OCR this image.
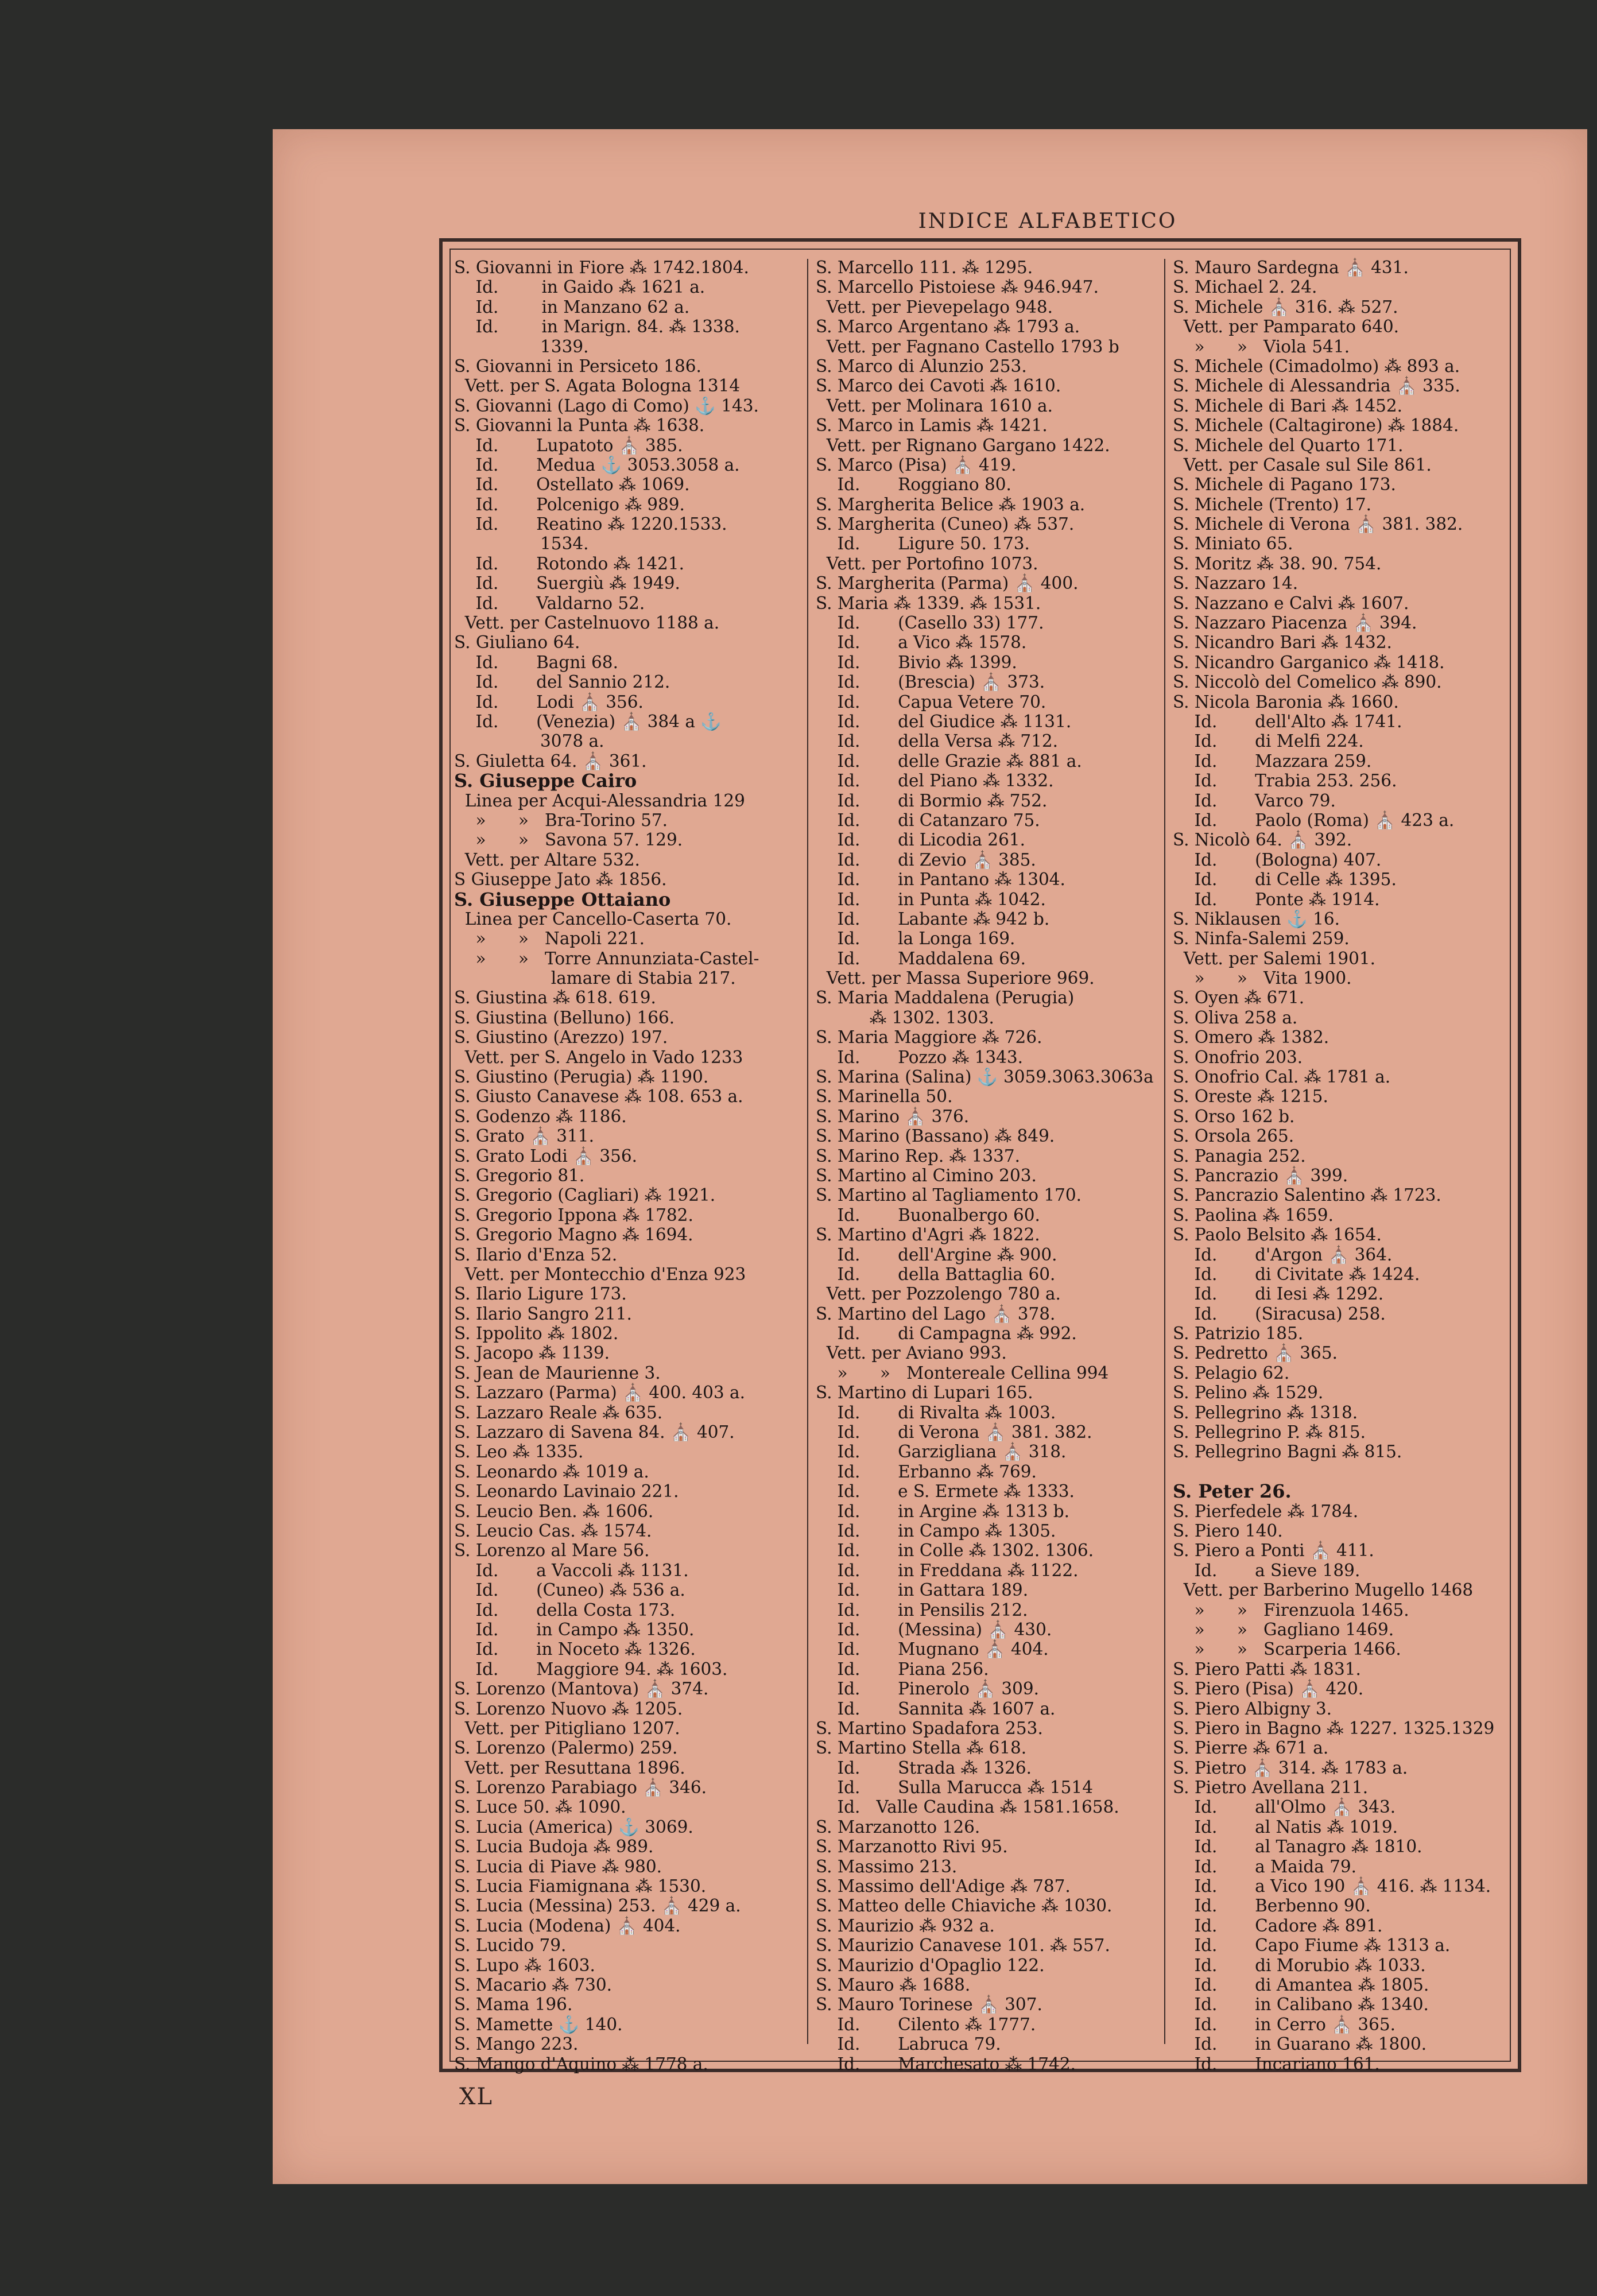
INDICE ALFABETICO
S. Giovanni in Fiore ⁂ 1742.1804.
Id.        in Gaido ⁂ 1621 a.
Id.        in Manzano 62 a.
Id.        in Marign. 84. ⁂ 1338.
1339.
S. Giovanni in Persiceto 186.
Vett. per S. Agata Bologna 1314
S. Giovanni (Lago di Como) ⚓ 143.
S. Giovanni la Punta ⁂ 1638.
Id.       Lupatoto ⛪ 385.
Id.       Medua ⚓ 3053.3058 a.
Id.       Ostellato ⁂ 1069.
Id.       Polcenigo ⁂ 989.
Id.       Reatino ⁂ 1220.1533.
1534.
Id.       Rotondo ⁂ 1421.
Id.       Suergiù ⁂ 1949.
Id.       Valdarno 52.
Vett. per Castelnuovo 1188 a.
S. Giuliano 64.
Id.       Bagni 68.
Id.       del Sannio 212.
Id.       Lodi ⛪ 356.
Id.       (Venezia) ⛪ 384 a ⚓
3078 a.
S. Giuletta 64. ⛪ 361.
S. Giuseppe Cairo
Linea per Acqui-Alessandria 129
»      »   Bra-Torino 57.
»      »   Savona 57. 129.
Vett. per Altare 532.
S Giuseppe Jato ⁂ 1856.
S. Giuseppe Ottaiano
Linea per Cancello-Caserta 70.
»      »   Napoli 221.
»      »   Torre Annunziata-Castel-
lamare di Stabia 217.
S. Giustina ⁂ 618. 619.
S. Giustina (Belluno) 166.
S. Giustino (Arezzo) 197.
Vett. per S. Angelo in Vado 1233
S. Giustino (Perugia) ⁂ 1190.
S. Giusto Canavese ⁂ 108. 653 a.
S. Godenzo ⁂ 1186.
S. Grato ⛪ 311.
S. Grato Lodi ⛪ 356.
S. Gregorio 81.
S. Gregorio (Cagliari) ⁂ 1921.
S. Gregorio Ippona ⁂ 1782.
S. Gregorio Magno ⁂ 1694.
S. Ilario d'Enza 52.
Vett. per Montecchio d'Enza 923
S. Ilario Ligure 173.
S. Ilario Sangro 211.
S. Ippolito ⁂ 1802.
S. Jacopo ⁂ 1139.
S. Jean de Maurienne 3.
S. Lazzaro (Parma) ⛪ 400. 403 a.
S. Lazzaro Reale ⁂ 635.
S. Lazzaro di Savena 84. ⛪ 407.
S. Leo ⁂ 1335.
S. Leonardo ⁂ 1019 a.
S. Leonardo Lavinaio 221.
S. Leucio Ben. ⁂ 1606.
S. Leucio Cas. ⁂ 1574.
S. Lorenzo al Mare 56.
Id.       a Vaccoli ⁂ 1131.
Id.       (Cuneo) ⁂ 536 a.
Id.       della Costa 173.
Id.       in Campo ⁂ 1350.
Id.       in Noceto ⁂ 1326.
Id.       Maggiore 94. ⁂ 1603.
S. Lorenzo (Mantova) ⛪ 374.
S. Lorenzo Nuovo ⁂ 1205.
Vett. per Pitigliano 1207.
S. Lorenzo (Palermo) 259.
Vett. per Resuttana 1896.
S. Lorenzo Parabiago ⛪ 346.
S. Luce 50. ⁂ 1090.
S. Lucia (America) ⚓ 3069.
S. Lucia Budoja ⁂ 989.
S. Lucia di Piave ⁂ 980.
S. Lucia Fiamignana ⁂ 1530.
S. Lucia (Messina) 253. ⛪ 429 a.
S. Lucia (Modena) ⛪ 404.
S. Lucido 79.
S. Lupo ⁂ 1603.
S. Macario ⁂ 730.
S. Mama 196.
S. Mamette ⚓ 140.
S. Mango 223.
S. Mango d'Aquino ⁂ 1778 a.
S. Marcello 111. ⁂ 1295.
S. Marcello Pistoiese ⁂ 946.947.
Vett. per Pievepelago 948.
S. Marco Argentano ⁂ 1793 a.
Vett. per Fagnano Castello 1793 b
S. Marco di Alunzio 253.
S. Marco dei Cavoti ⁂ 1610.
Vett. per Molinara 1610 a.
S. Marco in Lamis ⁂ 1421.
Vett. per Rignano Gargano 1422.
S. Marco (Pisa) ⛪ 419.
Id.       Roggiano 80.
S. Margherita Belice ⁂ 1903 a.
S. Margherita (Cuneo) ⁂ 537.
Id.       Ligure 50. 173.
Vett. per Portofino 1073.
S. Margherita (Parma) ⛪ 400.
S. Maria ⁂ 1339. ⁂ 1531.
Id.       (Casello 33) 177.
Id.       a Vico ⁂ 1578.
Id.       Bivio ⁂ 1399.
Id.       (Brescia) ⛪ 373.
Id.       Capua Vetere 70.
Id.       del Giudice ⁂ 1131.
Id.       della Versa ⁂ 712.
Id.       delle Grazie ⁂ 881 a.
Id.       del Piano ⁂ 1332.
Id.       di Bormio ⁂ 752.
Id.       di Catanzaro 75.
Id.       di Licodia 261.
Id.       di Zevio ⛪ 385.
Id.       in Pantano ⁂ 1304.
Id.       in Punta ⁂ 1042.
Id.       Labante ⁂ 942 b.
Id.       la Longa 169.
Id.       Maddalena 69.
Vett. per Massa Superiore 969.
S. Maria Maddalena (Perugia)
⁂ 1302. 1303.
S. Maria Maggiore ⁂ 726.
Id.       Pozzo ⁂ 1343.
S. Marina (Salina) ⚓ 3059.3063.3063a
S. Marinella 50.
S. Marino ⛪ 376.
S. Marino (Bassano) ⁂ 849.
S. Marino Rep. ⁂ 1337.
S. Martino al Cimino 203.
S. Martino al Tagliamento 170.
Id.       Buonalbergo 60.
S. Martino d'Agri ⁂ 1822.
Id.       dell'Argine ⁂ 900.
Id.       della Battaglia 60.
Vett. per Pozzolengo 780 a.
S. Martino del Lago ⛪ 378.
Id.       di Campagna ⁂ 992.
Vett. per Aviano 993.
»      »   Montereale Cellina 994
S. Martino di Lupari 165.
Id.       di Rivalta ⁂ 1003.
Id.       di Verona ⛪ 381. 382.
Id.       Garzigliana ⛪ 318.
Id.       Erbanno ⁂ 769.
Id.       e S. Ermete ⁂ 1333.
Id.       in Argine ⁂ 1313 b.
Id.       in Campo ⁂ 1305.
Id.       in Colle ⁂ 1302. 1306.
Id.       in Freddana ⁂ 1122.
Id.       in Gattara 189.
Id.       in Pensilis 212.
Id.       (Messina) ⛪ 430.
Id.       Mugnano ⛪ 404.
Id.       Piana 256.
Id.       Pinerolo ⛪ 309.
Id.       Sannita ⁂ 1607 a.
S. Martino Spadafora 253.
S. Martino Stella ⁂ 618.
Id.       Strada ⁂ 1326.
Id.       Sulla Marucca ⁂ 1514
Id.   Valle Caudina ⁂ 1581.1658.
S. Marzanotto 126.
S. Marzanotto Rivi 95.
S. Massimo 213.
S. Massimo dell'Adige ⁂ 787.
S. Matteo delle Chiaviche ⁂ 1030.
S. Maurizio ⁂ 932 a.
S. Maurizio Canavese 101. ⁂ 557.
S. Maurizio d'Opaglio 122.
S. Mauro ⁂ 1688.
S. Mauro Torinese ⛪ 307.
Id.       Cilento ⁂ 1777.
Id.       Labruca 79.
Id.       Marchesato ⁂ 1742.
S. Mauro Sardegna ⛪ 431.
S. Michael 2. 24.
S. Michele ⛪ 316. ⁂ 527.
Vett. per Pamparato 640.
»      »   Viola 541.
S. Michele (Cimadolmo) ⁂ 893 a.
S. Michele di Alessandria ⛪ 335.
S. Michele di Bari ⁂ 1452.
S. Michele (Caltagirone) ⁂ 1884.
S. Michele del Quarto 171.
Vett. per Casale sul Sile 861.
S. Michele di Pagano 173.
S. Michele (Trento) 17.
S. Michele di Verona ⛪ 381. 382.
S. Miniato 65.
S. Moritz ⁂ 38. 90. 754.
S. Nazzaro 14.
S. Nazzano e Calvi ⁂ 1607.
S. Nazzaro Piacenza ⛪ 394.
S. Nicandro Bari ⁂ 1432.
S. Nicandro Garganico ⁂ 1418.
S. Niccolò del Comelico ⁂ 890.
S. Nicola Baronia ⁂ 1660.
Id.       dell'Alto ⁂ 1741.
Id.       di Melfi 224.
Id.       Mazzara 259.
Id.       Trabia 253. 256.
Id.       Varco 79.
Id.       Paolo (Roma) ⛪ 423 a.
S. Nicolò 64. ⛪ 392.
Id.       (Bologna) 407.
Id.       di Celle ⁂ 1395.
Id.       Ponte ⁂ 1914.
S. Niklausen ⚓ 16.
S. Ninfa-Salemi 259.
Vett. per Salemi 1901.
»      »   Vita 1900.
S. Oyen ⁂ 671.
S. Oliva 258 a.
S. Omero ⁂ 1382.
S. Onofrio 203.
S. Onofrio Cal. ⁂ 1781 a.
S. Oreste ⁂ 1215.
S. Orso 162 b.
S. Orsola 265.
S. Panagia 252.
S. Pancrazio ⛪ 399.
S. Pancrazio Salentino ⁂ 1723.
S. Paolina ⁂ 1659.
S. Paolo Belsito ⁂ 1654.
Id.       d'Argon ⛪ 364.
Id.       di Civitate ⁂ 1424.
Id.       di Iesi ⁂ 1292.
Id.       (Siracusa) 258.
S. Patrizio 185.
S. Pedretto ⛪ 365.
S. Pelagio 62.
S. Pelino ⁂ 1529.
S. Pellegrino ⁂ 1318.
S. Pellegrino P. ⁂ 815.
S. Pellegrino Bagni ⁂ 815.
S. Peter 26.
S. Pierfedele ⁂ 1784.
S. Piero 140.
S. Piero a Ponti ⛪ 411.
Id.       a Sieve 189.
Vett. per Barberino Mugello 1468
»      »   Firenzuola 1465.
»      »   Gagliano 1469.
»      »   Scarperia 1466.
S. Piero Patti ⁂ 1831.
S. Piero (Pisa) ⛪ 420.
S. Piero Albigny 3.
S. Piero in Bagno ⁂ 1227. 1325.1329
S. Pierre ⁂ 671 a.
S. Pietro ⛪ 314. ⁂ 1783 a.
S. Pietro Avellana 211.
Id.       all'Olmo ⛪ 343.
Id.       al Natis ⁂ 1019.
Id.       al Tanagro ⁂ 1810.
Id.       a Maida 79.
Id.       a Vico 190 ⛪ 416. ⁂ 1134.
Id.       Berbenno 90.
Id.       Cadore ⁂ 891.
Id.       Capo Fiume ⁂ 1313 a.
Id.       di Morubio ⁂ 1033.
Id.       di Amantea ⁂ 1805.
Id.       in Calibano ⁂ 1340.
Id.       in Cerro ⛪ 365.
Id.       in Guarano ⁂ 1800.
Id.       Incariano 161.
XL
